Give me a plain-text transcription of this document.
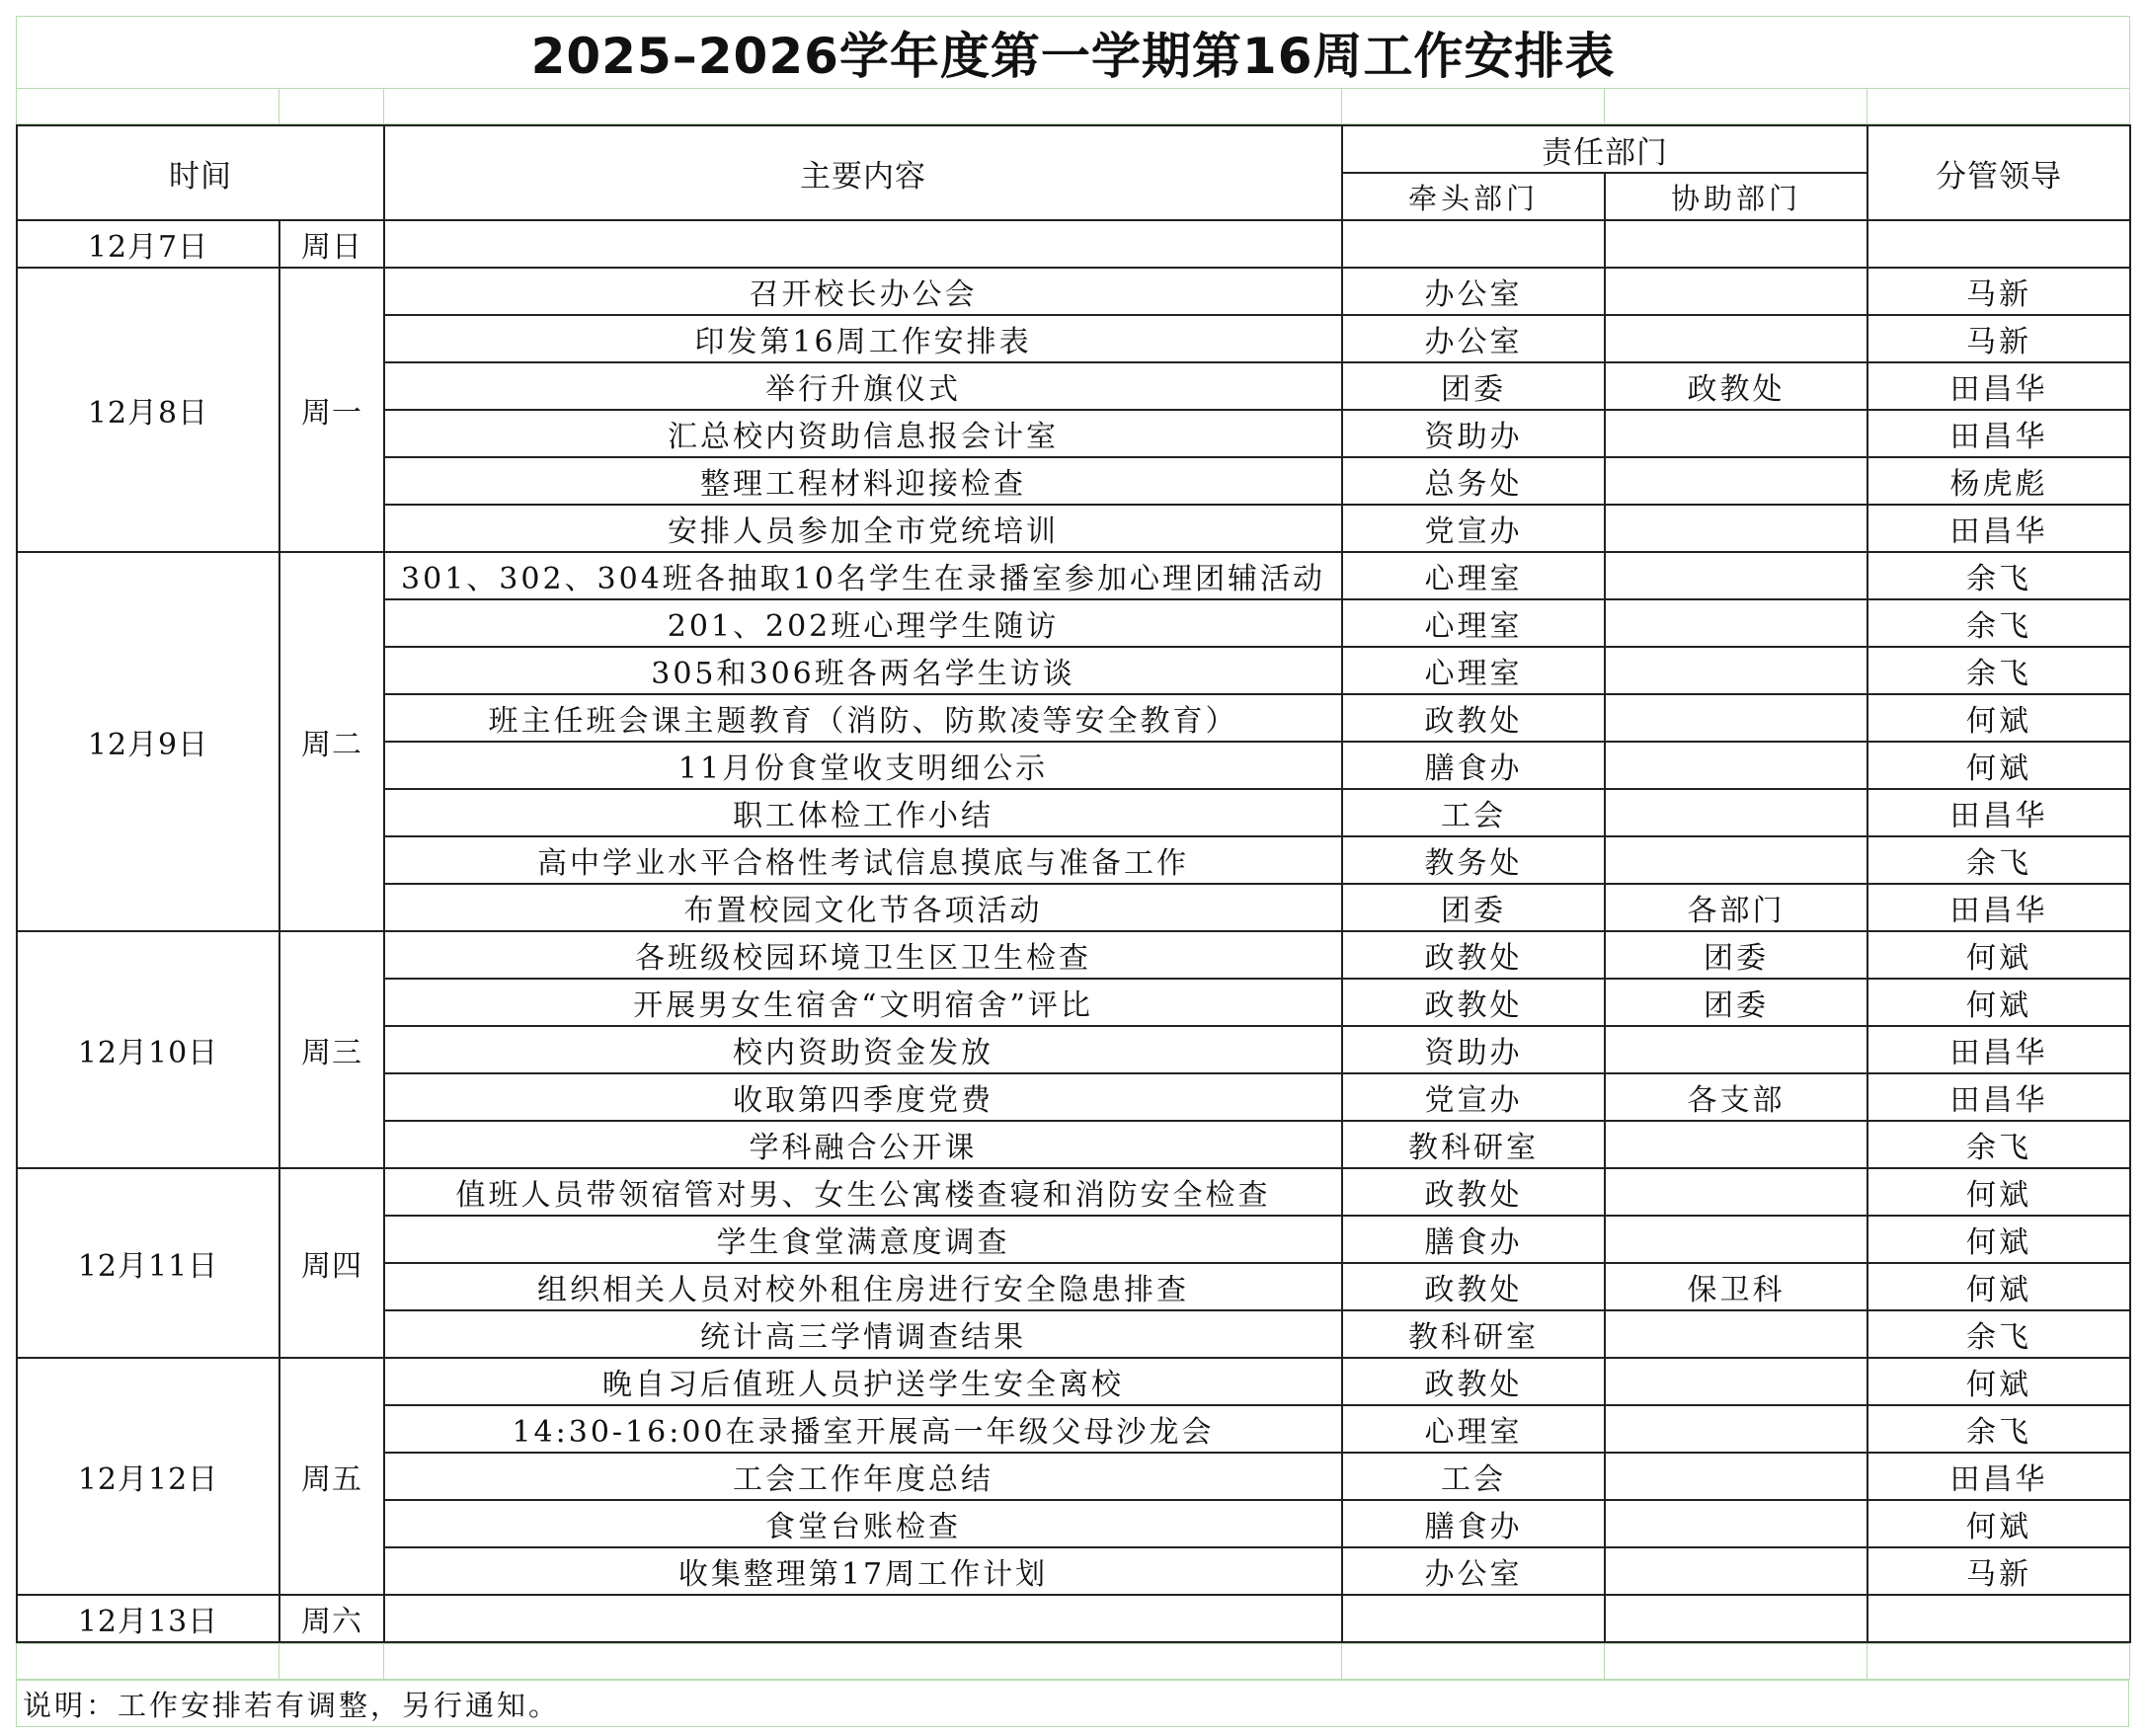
2025–2026学年度第一学期第16周工作安排表

时间		主要内容	责任部门		分管领导
			牵头部门	协助部门	
12月7日	周日				
12月8日	周一	召开校长办公会	办公室		马新
		印发第16周工作安排表	办公室		马新
		举行升旗仪式	团委	政教处	田昌华
		汇总校内资助信息报会计室	资助办		田昌华
		整理工程材料迎接检查	总务处		杨虎彪
		安排人员参加全市党统培训	党宣办		田昌华
12月9日	周二	301、302、304班各抽取10名学生在录播室参加心理团辅活动	心理室		余飞
		201、202班心理学生随访	心理室		余飞
		305和306班各两名学生访谈	心理室		余飞
		班主任班会课主题教育（消防、防欺凌等安全教育）	政教处		何斌
		11月份食堂收支明细公示	膳食办		何斌
		职工体检工作小结	工会		田昌华
		高中学业水平合格性考试信息摸底与准备工作	教务处		余飞
		布置校园文化节各项活动	团委	各部门	田昌华
12月10日	周三	各班级校园环境卫生区卫生检查	政教处	团委	何斌
		开展男女生宿舍“文明宿舍”评比	政教处	团委	何斌
		校内资助资金发放	资助办		田昌华
		收取第四季度党费	党宣办	各支部	田昌华
		学科融合公开课	教科研室		余飞
12月11日	周四	值班人员带领宿管对男、女生公寓楼查寝和消防安全检查	政教处		何斌
		学生食堂满意度调查	膳食办		何斌
		组织相关人员对校外租住房进行安全隐患排查	政教处	保卫科	何斌
		统计高三学情调查结果	教科研室		余飞
12月12日	周五	晚自习后值班人员护送学生安全离校	政教处		何斌
		14:30-16:00在录播室开展高一年级父母沙龙会	心理室		余飞
		工会工作年度总结	工会		田昌华
		食堂台账检查	膳食办		何斌
		收集整理第17周工作计划	办公室		马新
12月13日	周六				

说明：工作安排若有调整，另行通知。
